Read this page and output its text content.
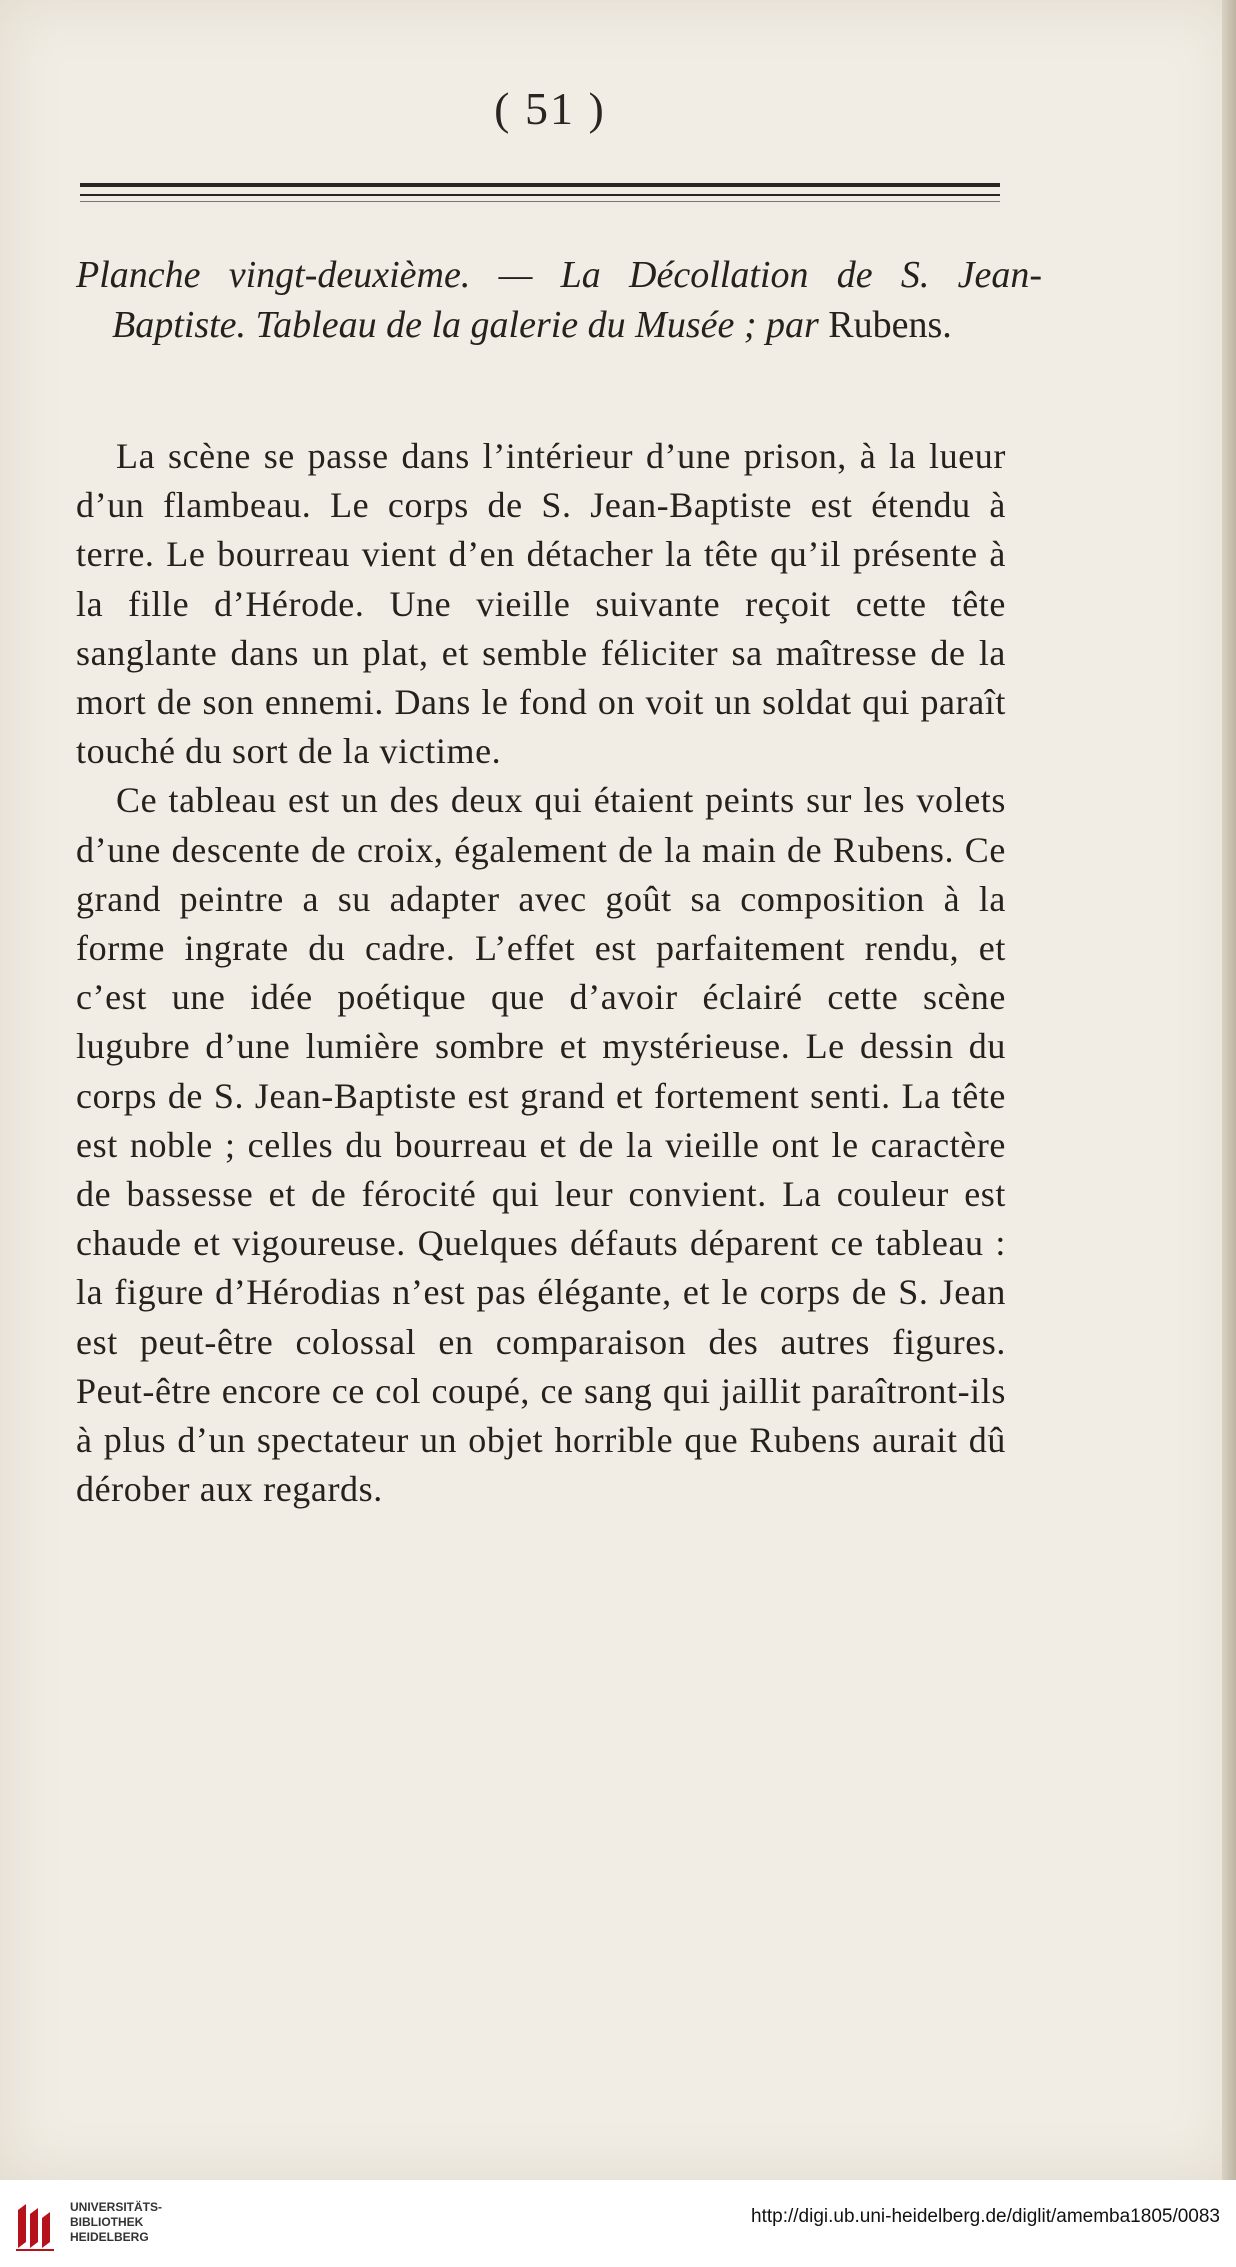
( 51 )
Planche vingt-deuxième. — La Décollation de S. Jean-Baptiste. Tableau de la galerie du Musée ; par Rubens.

La scène se passe dans l’intérieur d’une prison, à la lueur d’un flambeau. Le corps de S. Jean-Baptiste est étendu à terre. Le bourreau vient d’en détacher la tête qu’il présente à la fille d’Hérode. Une vieille suivante reçoit cette tête sanglante dans un plat, et semble féliciter sa maîtresse de la mort de son ennemi. Dans le fond on voit un soldat qui paraît touché du sort de la victime.

Ce tableau est un des deux qui étaient peints sur les volets d’une descente de croix, également de la main de Rubens. Ce grand peintre a su adapter avec goût sa composition à la forme ingrate du cadre. L’effet est parfaitement rendu, et c’est une idée poétique que d’avoir éclairé cette scène lugubre d’une lumière sombre et mystérieuse. Le dessin du corps de S. Jean-Baptiste est grand et fortement senti. La tête est noble ; celles du bourreau et de la vieille ont le caractère de bassesse et de férocité qui leur convient. La couleur est chaude et vigoureuse. Quelques défauts déparent ce tableau : la figure d’Hérodias n’est pas élégante, et le corps de S. Jean est peut-être colossal en comparaison des autres figures. Peut-être encore ce col coupé, ce sang qui jaillit paraîtront-ils à plus d’un spectateur un objet horrible que Rubens aurait dû dérober aux regards.

UNIVERSITÄTS-
BIBLIOTHEK
HEIDELBERG
http://digi.ub.uni-heidelberg.de/diglit/amemba1805/0083
